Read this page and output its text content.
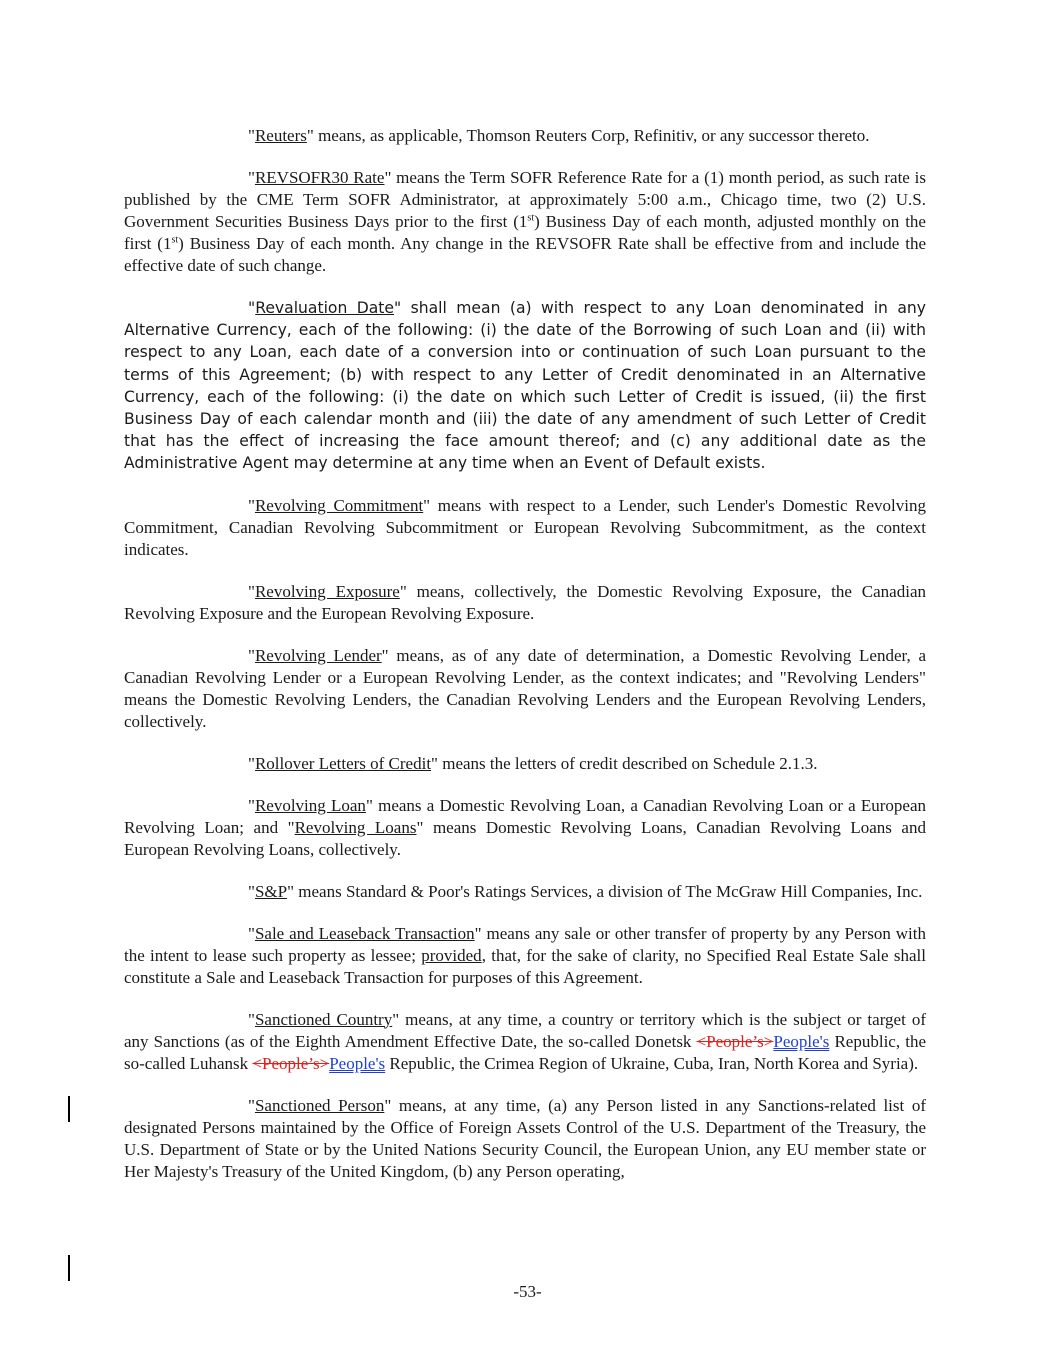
"Reuters" means, as applicable, Thomson Reuters Corp, Refinitiv, or any successor thereto.

"REVSOFR30 Rate" means the Term SOFR Reference Rate for a (1) month period, as such rate is published by the CME Term SOFR Administrator, at approximately 5:00 a.m., Chicago time, two (2) U.S. Government Securities Business Days prior to the first (1st) Business Day of each month, adjusted monthly on the first (1st) Business Day of each month. Any change in the REVSOFR Rate shall be effective from and include the effective date of such change.

"Revaluation Date" shall mean (a) with respect to any Loan denominated in any Alternative Currency, each of the following: (i) the date of the Borrowing of such Loan and (ii) with respect to any Loan, each date of a conversion into or continuation of such Loan pursuant to the terms of this Agreement; (b) with respect to any Letter of Credit denominated in an Alternative Currency, each of the following: (i) the date on which such Letter of Credit is issued, (ii) the first Business Day of each calendar month and (iii) the date of any amendment of such Letter of Credit that has the effect of increasing the face amount thereof; and (c) any additional date as the Administrative Agent may determine at any time when an Event of Default exists.

"Revolving Commitment" means with respect to a Lender, such Lender's Domestic Revolving Commitment, Canadian Revolving Subcommitment or European Revolving Subcommitment, as the context indicates.

"Revolving Exposure" means, collectively, the Domestic Revolving Exposure, the Canadian Revolving Exposure and the European Revolving Exposure.

"Revolving Lender" means, as of any date of determination, a Domestic Revolving Lender, a Canadian Revolving Lender or a European Revolving Lender, as the context indicates; and "Revolving Lenders" means the Domestic Revolving Lenders, the Canadian Revolving Lenders and the European Revolving Lenders, collectively.

"Rollover Letters of Credit" means the letters of credit described on Schedule 2.1.3.

"Revolving Loan" means a Domestic Revolving Loan, a Canadian Revolving Loan or a European Revolving Loan; and "Revolving Loans" means Domestic Revolving Loans, Canadian Revolving Loans and European Revolving Loans, collectively.

"S&P" means Standard & Poor's Ratings Services, a division of The McGraw Hill Companies, Inc.

"Sale and Leaseback Transaction" means any sale or other transfer of property by any Person with the intent to lease such property as lessee; provided, that, for the sake of clarity, no Specified Real Estate Sale shall constitute a Sale and Leaseback Transaction for purposes of this Agreement.

"Sanctioned Country" means, at any time, a country or territory which is the subject or target of any Sanctions (as of the Eighth Amendment Effective Date, the so-called Donetsk <People’s>People's Republic, the so-called Luhansk <People’s>People's Republic, the Crimea Region of Ukraine, Cuba, Iran, North Korea and Syria).

"Sanctioned Person" means, at any time, (a) any Person listed in any Sanctions-related list of designated Persons maintained by the Office of Foreign Assets Control of the U.S. Department of the Treasury, the U.S. Department of State or by the United Nations Security Council, the European Union, any EU member state or Her Majesty's Treasury of the United Kingdom, (b) any Person operating,

-53-
